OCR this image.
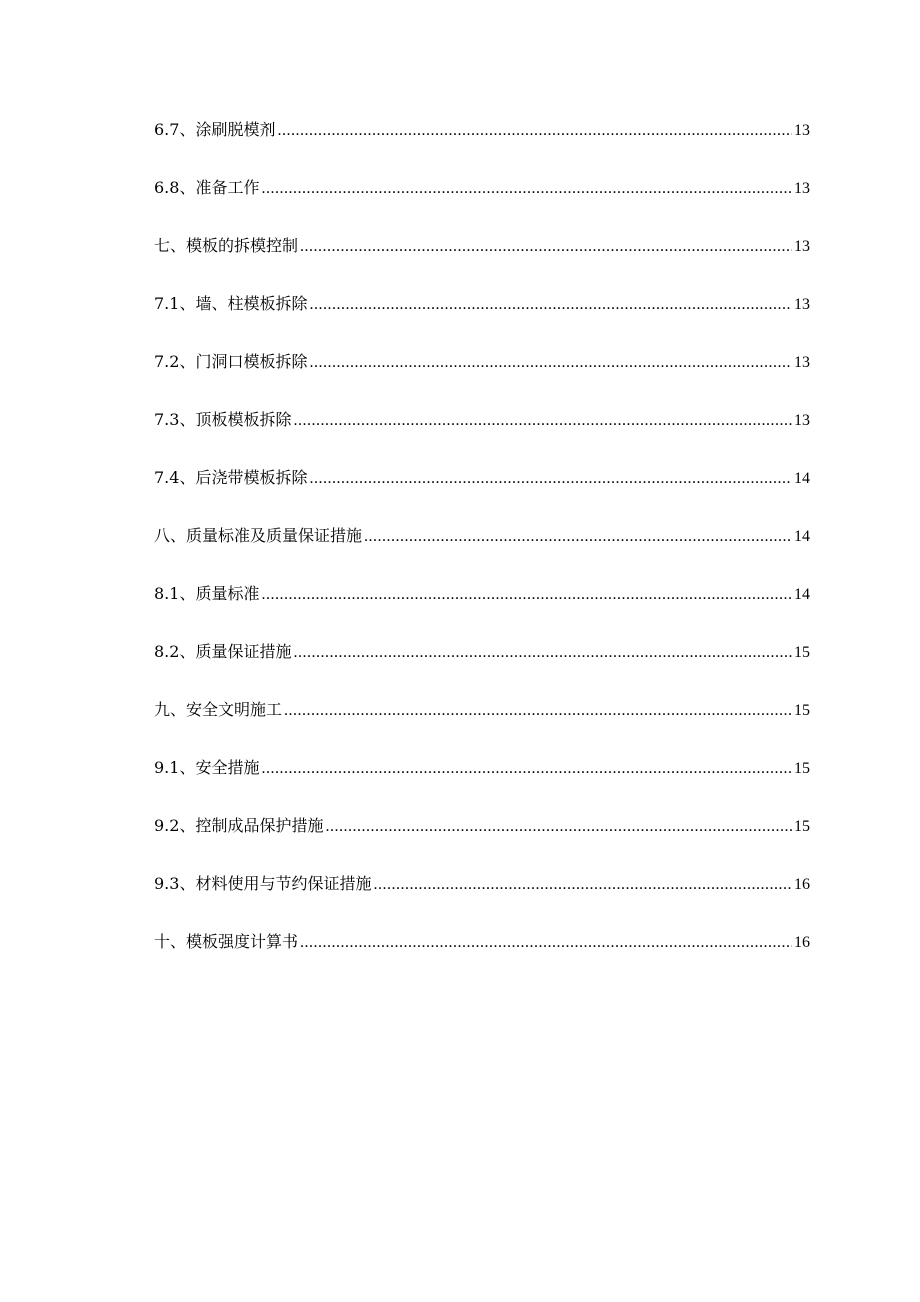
6.7、涂刷脱模剂 .....	13
6.8、准备工作 .....	13
七、模板的拆模控制 .....	13
7.1、墙、柱模板拆除 .....	13
7.2、门洞口模板拆除 .....	13
7.3、顶板模板拆除 .....	13
7.4、后浇带模板拆除 .....	14
八、质量标准及质量保证措施 .....	14
8.1、质量标准 .....	14
8.2、质量保证措施 .....	15
九、安全文明施工 .....	15
9.1、安全措施 .....	15
9.2、控制成品保护措施 .....	15
9.3、材料使用与节约保证措施 .....	16
十、模板强度计算书 .....	16
